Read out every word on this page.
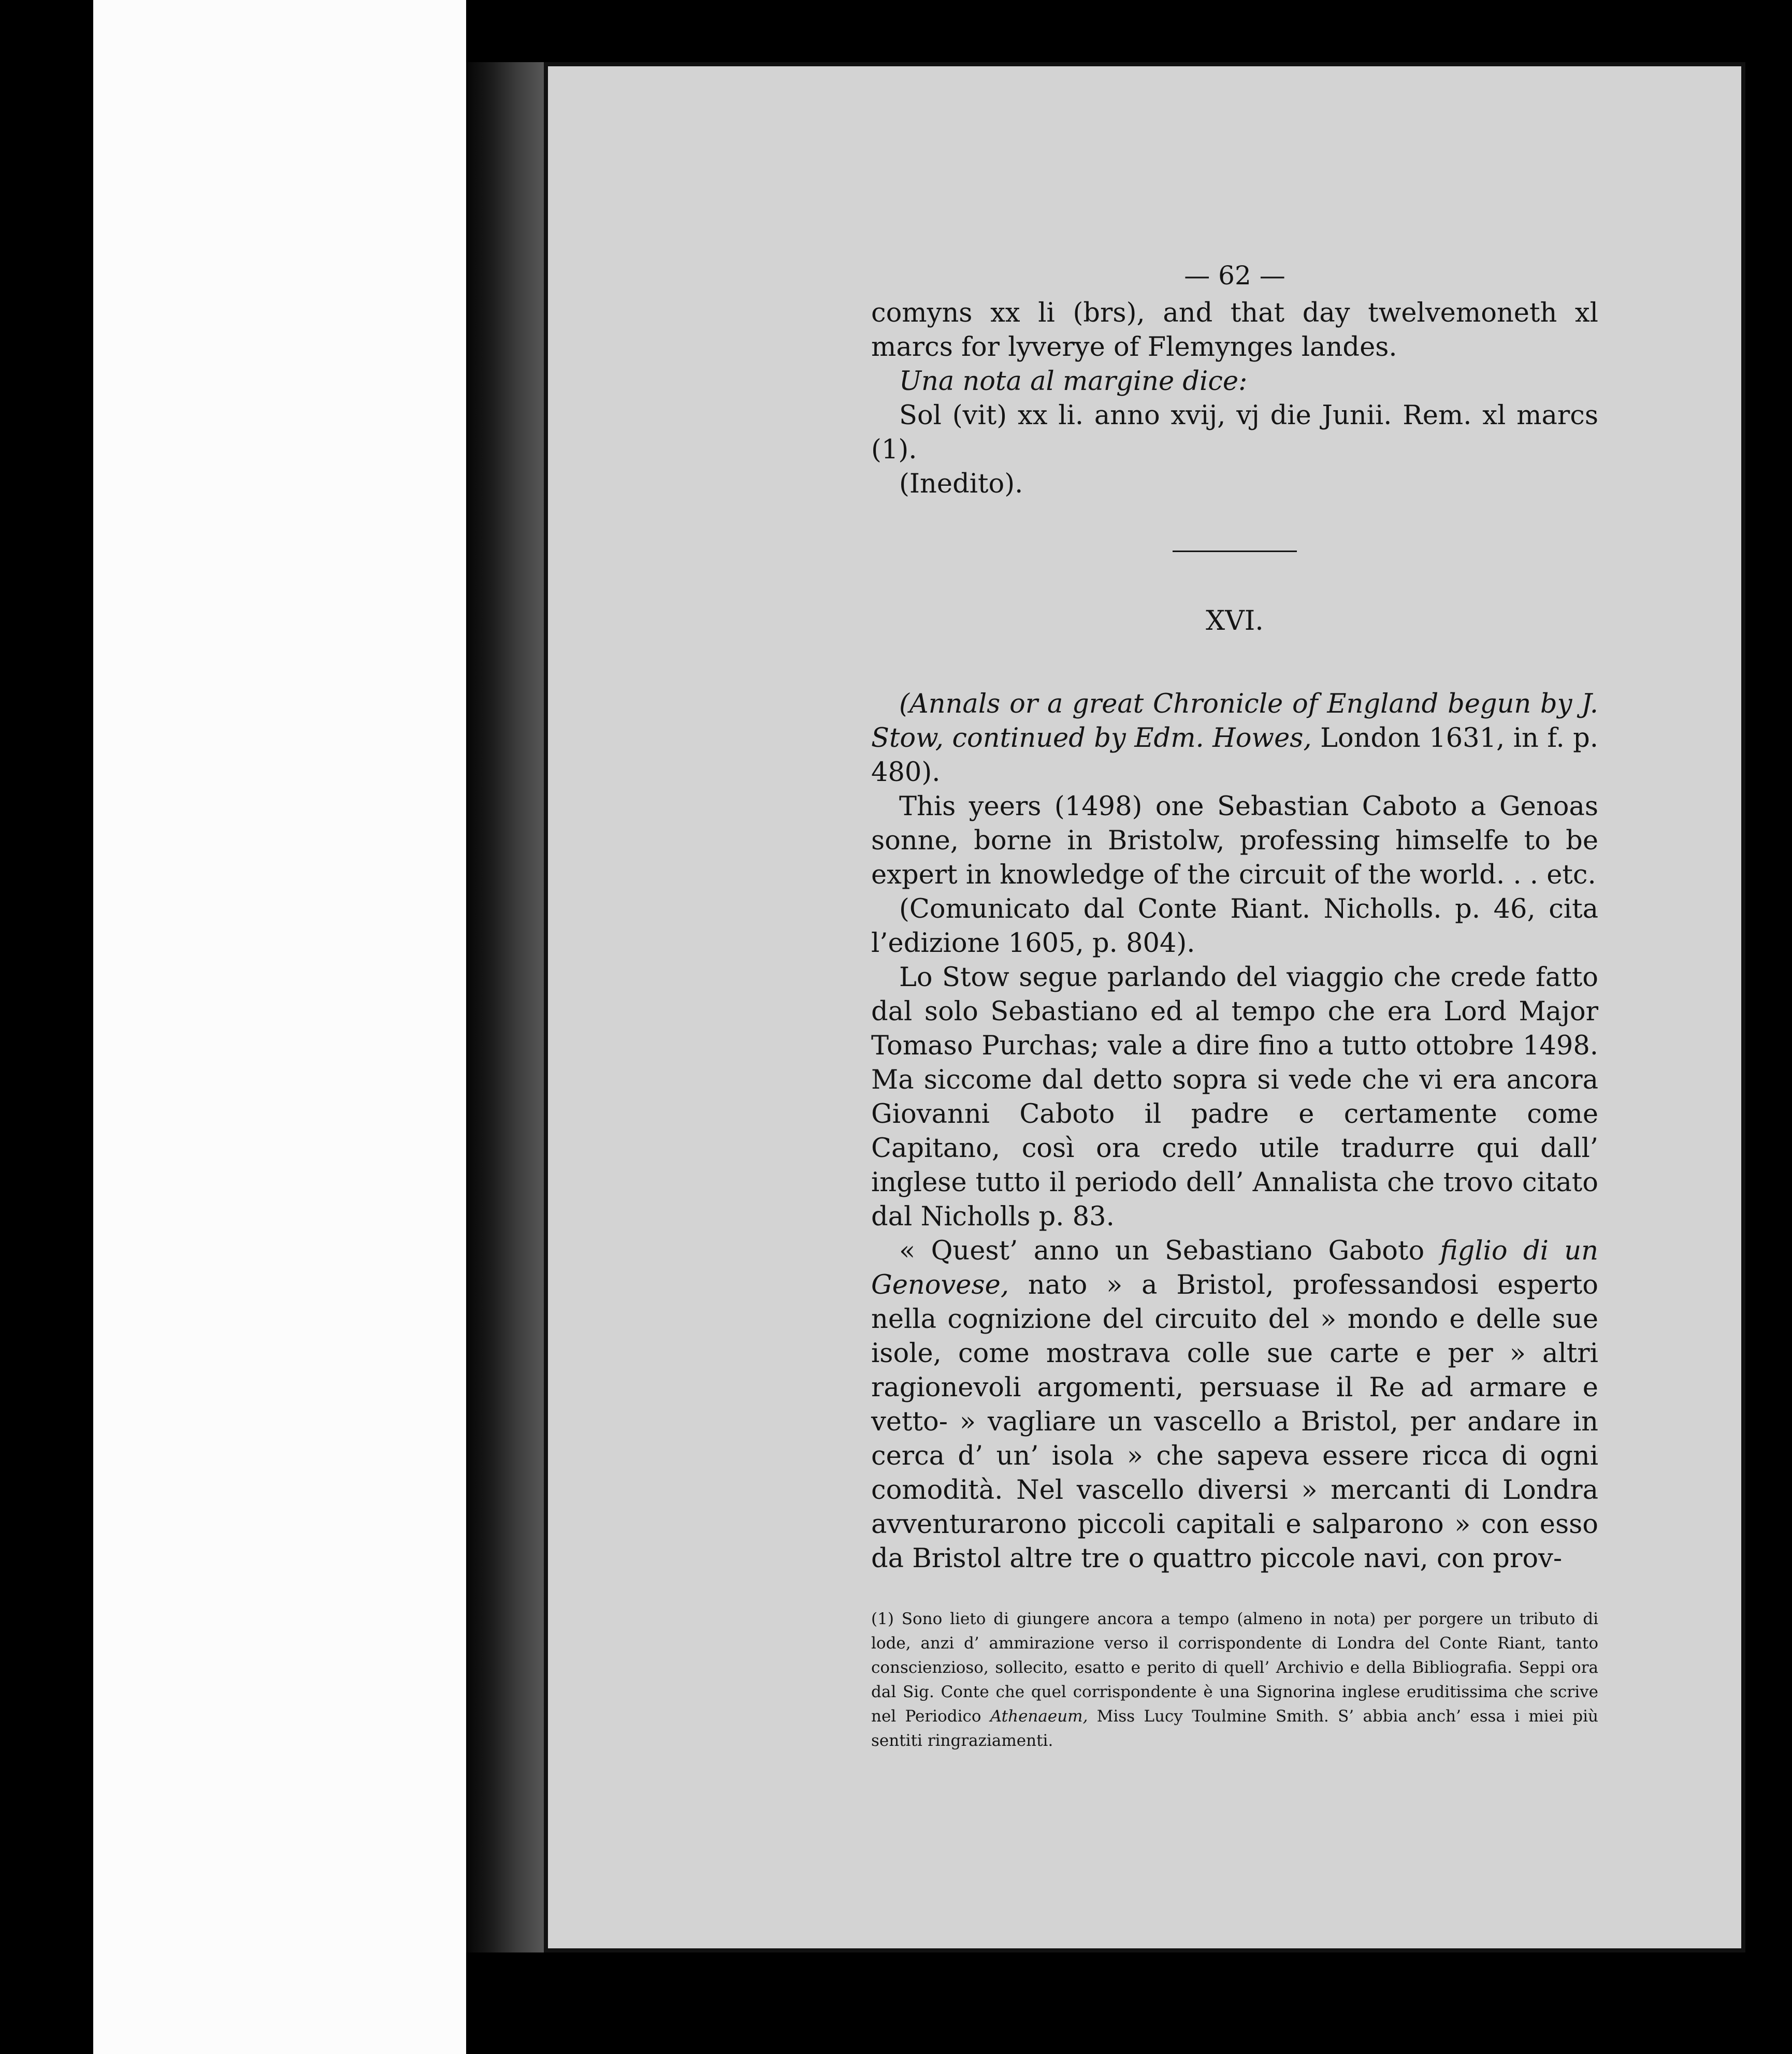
— 62 —

comyns xx li (brs), and that day twelvemoneth xl marcs for lyverye of Flemynges landes.

Una nota al margine dice:

Sol (vit) xx li. anno xvij, vj die Junii. Rem. xl marcs (1).

(Inedito).

XVI.

(Annals or a great Chronicle of England begun by J. Stow, continued by Edm. Howes, London 1631, in f. p. 480).

This yeers (1498) one Sebastian Caboto a Genoas sonne, borne in Bristolw, professing himselfe to be expert in knowledge of the circuit of the world. . . etc.

(Comunicato dal Conte Riant. Nicholls. p. 46, cita l’edizione 1605, p. 804).

Lo Stow segue parlando del viaggio che crede fatto dal solo Sebastiano ed al tempo che era Lord Major Tomaso Purchas; vale a dire fino a tutto ottobre 1498. Ma siccome dal detto sopra si vede che vi era ancora Giovanni Caboto il padre e certamente come Capitano, così ora credo utile tradurre qui dall’ inglese tutto il periodo dell’ Annalista che trovo citato dal Nicholls p. 83.

« Quest’ anno un Sebastiano Gaboto figlio di un Genovese, nato » a Bristol, professandosi esperto nella cognizione del circuito del » mondo e delle sue isole, come mostrava colle sue carte e per » altri ragionevoli argomenti, persuase il Re ad armare e vetto- » vagliare un vascello a Bristol, per andare in cerca d’ un’ isola » che sapeva essere ricca di ogni comodità. Nel vascello diversi » mercanti di Londra avventurarono piccoli capitali e salparono » con esso da Bristol altre tre o quattro piccole navi, con prov-

(1) Sono lieto di giungere ancora a tempo (almeno in nota) per porgere un tributo di lode, anzi d’ ammirazione verso il corrispondente di Londra del Conte Riant, tanto conscienzioso, sollecito, esatto e perito di quell’ Archivio e della Bibliografia. Seppi ora dal Sig. Conte che quel corrispondente è una Signorina inglese eruditissima che scrive nel Periodico Athenaeum, Miss Lucy Toulmine Smith. S’ abbia anch’ essa i miei più sentiti ringraziamenti.
